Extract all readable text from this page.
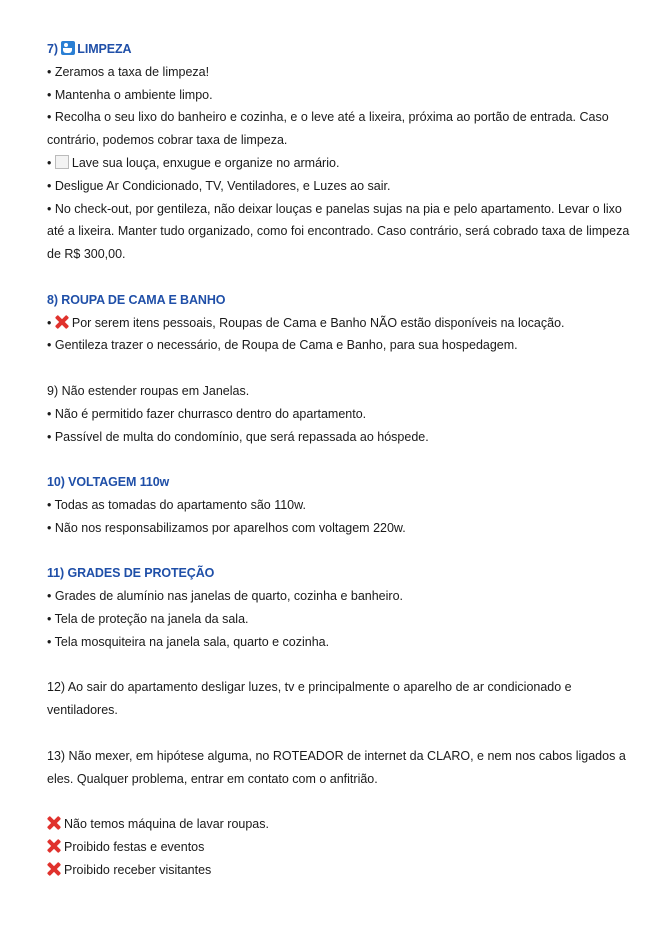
7) LIMPEZA
• Zeramos a taxa de limpeza!
• Mantenha o ambiente limpo.
• Recolha o seu lixo do banheiro e cozinha, e o leve até a lixeira, próxima ao portão de entrada. Caso contrário, podemos cobrar taxa de limpeza.
• Lave sua louça, enxugue e organize no armário.
• Desligue Ar Condicionado, TV, Ventiladores, e Luzes ao sair.
• No check-out, por gentileza, não deixar louças e panelas sujas na pia e pelo apartamento. Levar o lixo até a lixeira. Manter tudo organizado, como foi encontrado. Caso contrário, será cobrado taxa de limpeza de R$ 300,00.
8) ROUPA DE CAMA E BANHO
• Por serem itens pessoais, Roupas de Cama e Banho NÃO estão disponíveis na locação.
• Gentileza trazer o necessário, de Roupa de Cama e Banho, para sua hospedagem.
9) Não estender roupas em Janelas.
• Não é permitido fazer churrasco dentro do apartamento.
• Passível de multa do condomínio, que será repassada ao hóspede.
10) VOLTAGEM 110w
• Todas as tomadas do apartamento são 110w.
• Não nos responsabilizamos por aparelhos com voltagem 220w.
11) GRADES DE PROTEÇÃO
• Grades de alumínio nas janelas de quarto, cozinha e banheiro.
• Tela de proteção na janela da sala.
• Tela mosquiteira na janela sala, quarto e cozinha.
12) Ao sair do apartamento desligar luzes, tv e principalmente o aparelho de ar condicionado e ventiladores.
13) Não mexer, em hipótese alguma, no ROTEADOR de internet da CLARO, e nem nos cabos ligados a eles. Qualquer problema, entrar em contato com o anfitrião.
Não temos máquina de lavar roupas.
Proibido festas e eventos
Proibido receber visitantes
